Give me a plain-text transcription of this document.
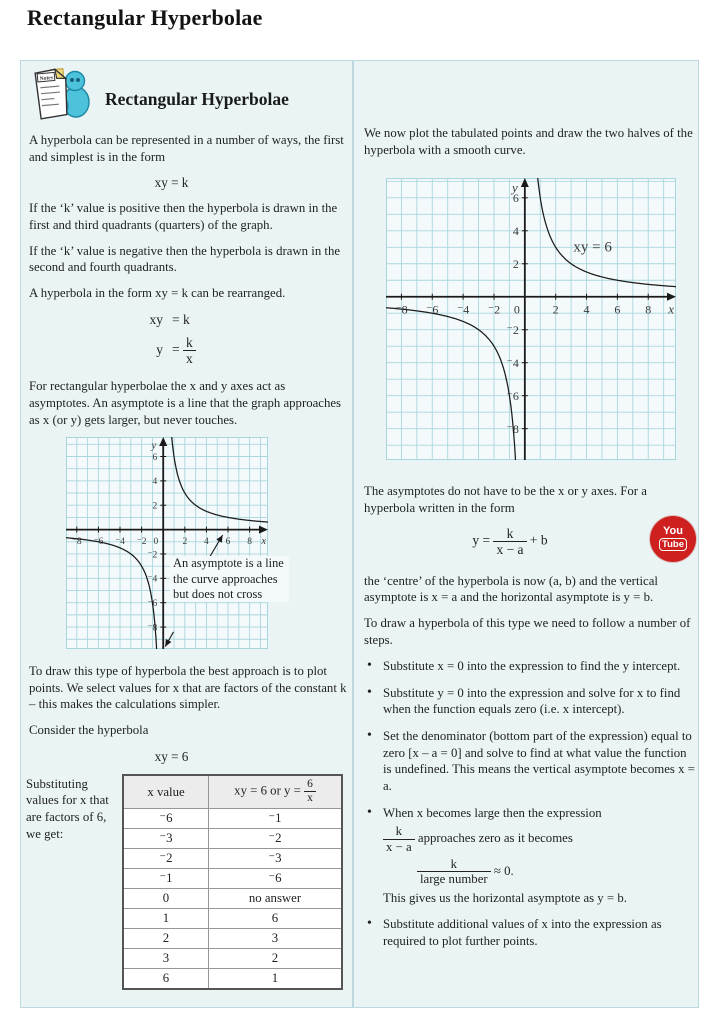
Rectangular Hyperbolae
Notes
Rectangular Hyperbolae

A hyperbola can be represented in a number of ways, the first and simplest is in the form

xy = k

If the ‘k’ value is positive then the hyperbola is drawn in the first and third quadrants (quarters) of the graph.

If the ‘k’ value is negative then the hyperbola is drawn in the second and fourth quadrants.

A hyperbola in the form xy = k can be rearranged.

xy = k
$y = \frac{k}{x}$

For rectangular hyperbolae the x and y axes act as asymptotes. An asymptote is a line that the graph approaches as x (or y) gets larger, but never touches.

⁻8 ⁻6 ⁻4 ⁻2 0	2 4 6 8
6
4
2
⁻2
⁻4
⁻6
⁻8
y
x
An asymptote is a line the curve approaches but does not cross

To draw this type of hyperbola the best approach is to plot points. We select values for x that are factors of the constant k – this makes the calculations simpler.

Consider the hyperbola

xy = 6
Substituting values for x that are factors of 6, we get:
x value	xy = 6 or $y = \frac{6}{x}$

⁻6	⁻1
⁻3	⁻2
⁻2	⁻3
⁻1	⁻6
0	no answer
1	6
2	3
3	2
6	1

We now plot the tabulated points and draw the two halves of the hyperbola with a smooth curve.

⁻8 ⁻6 ⁻4 ⁻2 0	2 4 6 8
6
4
2
⁻2
⁻4
⁻6
⁻8
y
x
xy = 6

The asymptotes do not have to be the x or y axes. For a hyperbola written in the form

$y = \frac{k}{x - a} + b$
You
Tube

the ‘centre’ of the hyperbola is now (a, b) and the vertical asymptote is x = a and the horizontal asymptote is y = b.

To draw a hyperbola of this type we need to follow a number of steps.

• Substitute x = 0 into the expression to find the y intercept.
• Substitute y = 0 into the expression and solve for x to find when the function equals zero (i.e. x intercept).
• Set the denominator (bottom part of the expression) equal to zero [x – a = 0] and solve to find at what value the function is undefined. This means the vertical asymptote becomes x = a.
• When x becomes large then the expression
$\frac{k}{x - a}$ approaches zero as it becomes
$\frac{k}{\text{large number}} \approx 0$.
This gives us the horizontal asymptote as y = b.
• Substitute additional values of x into the expression as required to plot further points.
